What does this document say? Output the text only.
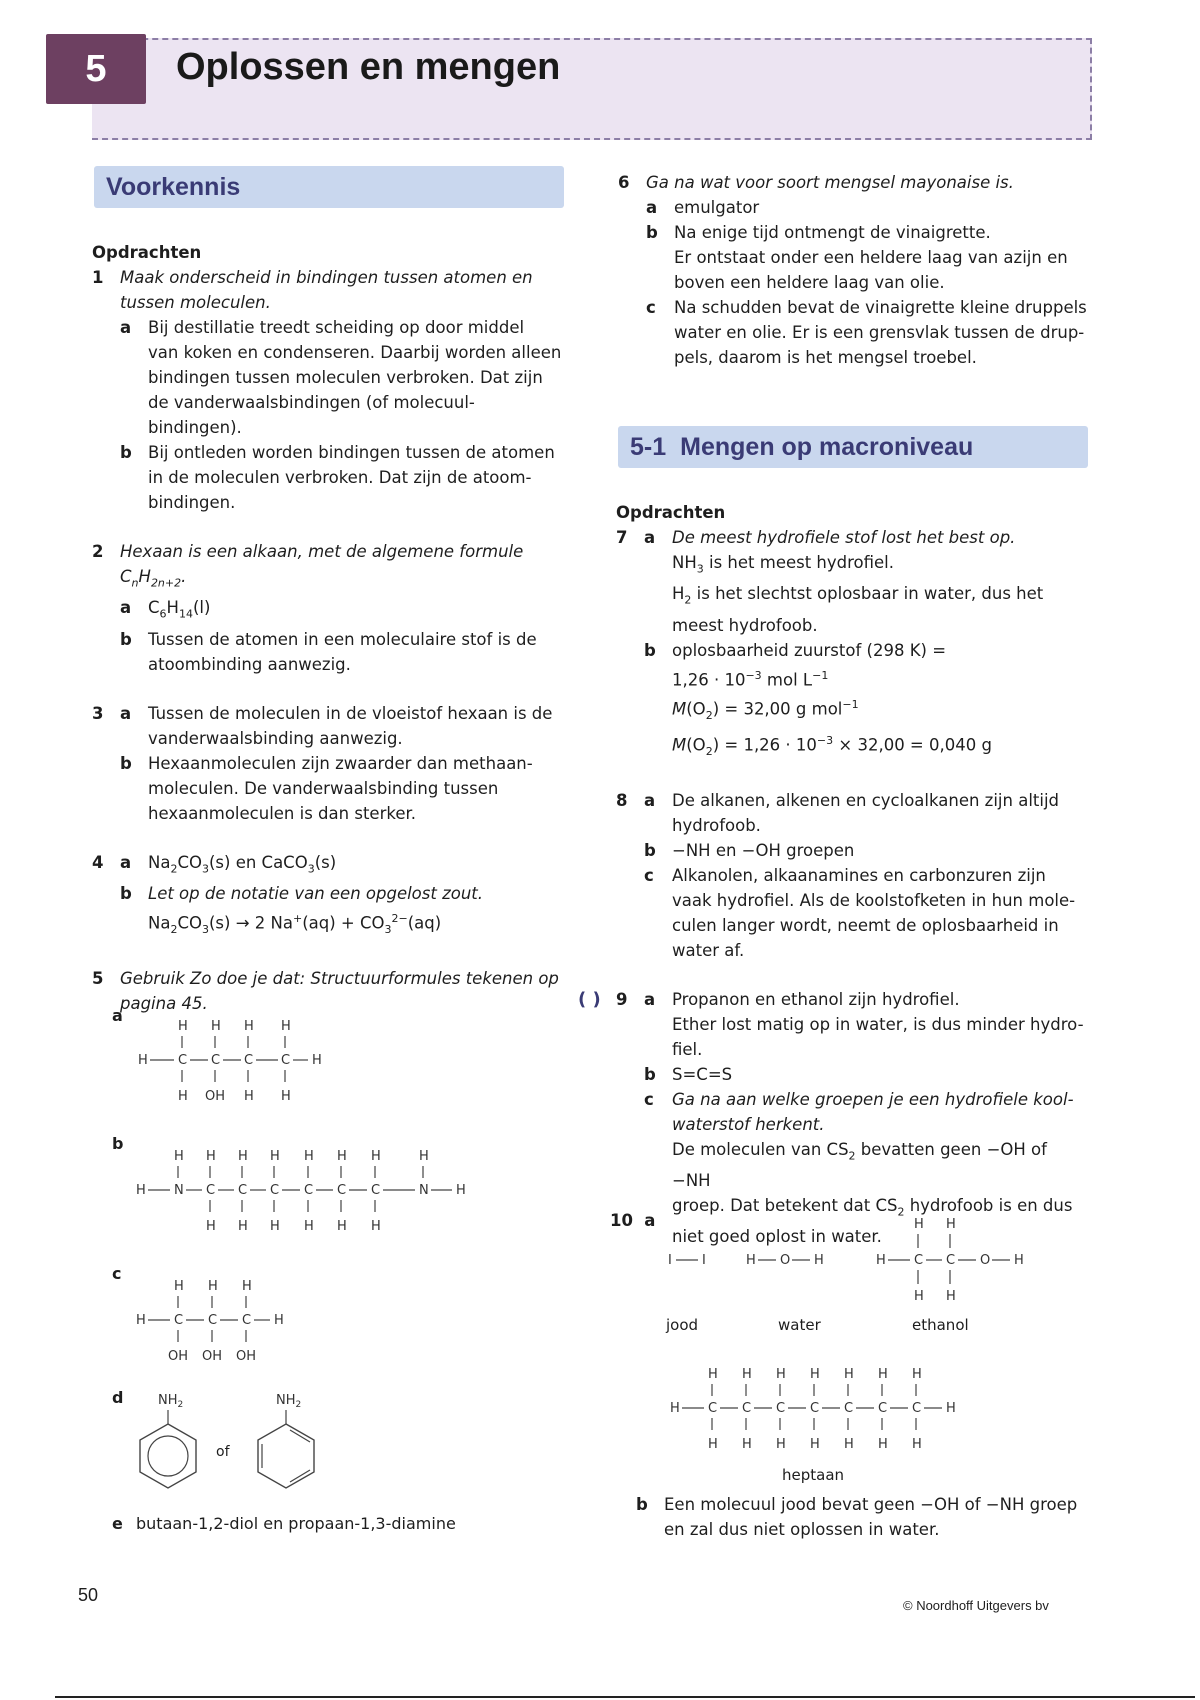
5	Oplossen en mengen
Voorkennis
5-1 Mengen op macroniveau
Opdrachten
1 Maak onderscheid in bindingen tussen atomen en
tussen moleculen.
a Bij destillatie treedt scheiding op door middel
van koken en condenseren. Daarbij worden alleen
bindingen tussen moleculen verbroken. Dat zijn
de vanderwaalsbindingen (of molecuul-
bindingen).
b Bij ontleden worden bindingen tussen de atomen
in de moleculen verbroken. Dat zijn de atoom-
bindingen.
2 Hexaan is een alkaan, met de algemene formule
$C_nH_{2n+2}$.
a $C_6H_{14}(l)$
b Tussen de atomen in een moleculaire stof is de
atoombinding aanwezig.
3 a Tussen de moleculen in de vloeistof hexaan is de
vanderwaalsbinding aanwezig.
b Hexaanmoleculen zijn zwaarder dan methaan-
moleculen. De vanderwaalsbinding tussen
hexaanmoleculen is dan sterker.
4 a $Na_2CO_3(s)$ en CaCO$_3$(s)
b Let op de notatie van een opgelost zout.
$Na_2CO_3(s) \to 2$ $Na^+(aq) + CO_3^{2-}(aq)$
5 Gebruik Zo doe je dat: Structuurformules tekenen op
pagina 45.
a
b
c
d
e butaan-1,2-diol en propaan-1,3-diamine
H H H H
H C C C C H
H OH H H
H H H H H H H	H
H N C C C C C C	N H
H H H H H H
H H H
H C C C H
OH OH OH
$NH_2$	$NH_2$
of
6 Ga na wat voor soort mengsel mayonaise is.
a emulgator
b Na enige tijd ontmengt de vinaigrette.
Er ontstaat onder een heldere laag van azijn en
boven een heldere laag van olie.
c Na schudden bevat de vinaigrette kleine druppels
water en olie. Er is een grensvlak tussen de drup-
pels, daarom is het mengsel troebel.
Opdrachten
7 a De meest hydrofiele stof lost het best op.
$NH_3$ is het meest hydrofiel.
$H_2$ is het slechtst oplosbaar in water, dus het
meest hydrofoob.
b oplosbaarheid zuurstof (298 K) =
$1,26 \cdot 10^{-3}$ mol $L^{-1}$
$M(O_2) = 32,00$ g mol$^{-1}$
$M(O_2) = 1,26 \cdot 10^{-3} \times 32,00 = 0,040$ g
8 a De alkanen, alkenen en cycloalkanen zijn altijd
hydrofoob.
b −NH en −OH groepen
c Alkanolen, alkaanamines en carbonzuren zijn
vaak hydrofiel. Als de koolstofketen in hun mole-
culen langer wordt, neemt de oplosbaarheid in
water af.
( ) 9 a Propanon en ethanol zijn hydrofiel.
Ether lost matig op in water, is dus minder hydro-
fiel.
b S=C=S
c Ga na aan welke groepen je een hydrofiele kool-
waterstof herkent.
De moleculen van $CS_2$ bevatten geen −OH of −NH
groep. Dat betekent dat $CS_2$ hydrofoob is en dus
niet goed oplost in water.
10 a
I I	H O H
H H
H C C O H
H H
jood	water	ethanol
H H H H H H H
H C C C C C C C H
H H H H H H H
heptaan
b Een molecuul jood bevat geen −OH of −NH groep
en zal dus niet oplossen in water.
50
© Noordhoff Uitgevers bv
